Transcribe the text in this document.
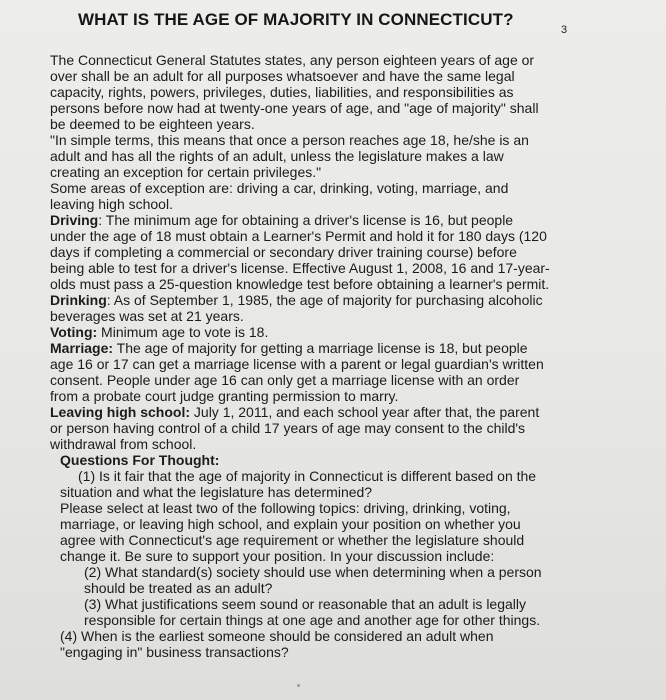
WHAT IS THE AGE OF MAJORITY IN CONNECTICUT?
3

The Connecticut General Statutes states, any person eighteen years of age or over shall be an adult for all purposes whatsoever and have the same legal capacity, rights, powers, privileges, duties, liabilities, and responsibilities as persons before now had at twenty-one years of age, and "age of majority" shall be deemed to be eighteen years.

"In simple terms, this means that once a person reaches age 18, he/she is an adult and has all the rights of an adult, unless the legislature makes a law creating an exception for certain privileges."

Some areas of exception are: driving a car, drinking, voting, marriage, and leaving high school.

Driving: The minimum age for obtaining a driver's license is 16, but people under the age of 18 must obtain a Learner's Permit and hold it for 180 days (120 days if completing a commercial or secondary driver training course) before being able to test for a driver's license. Effective August 1, 2008, 16 and 17-year-olds must pass a 25-question knowledge test before obtaining a learner's permit.

Drinking: As of September 1, 1985, the age of majority for purchasing alcoholic beverages was set at 21 years.

Voting: Minimum age to vote is 18.

Marriage: The age of majority for getting a marriage license is 18, but people age 16 or 17 can get a marriage license with a parent or legal guardian's written consent. People under age 16 can only get a marriage license with an order from a probate court judge granting permission to marry.

Leaving high school: July 1, 2011, and each school year after that, the parent or person having control of a child 17 years of age may consent to the child's withdrawal from school.

Questions For Thought:

(1) Is it fair that the age of majority in Connecticut is different based on the situation and what the legislature has determined?

Please select at least two of the following topics: driving, drinking, voting, marriage, or leaving high school, and explain your position on whether you agree with Connecticut's age requirement or whether the legislature should change it. Be sure to support your position. In your discussion include:

(2) What standard(s) society should use when determining when a person should be treated as an adult?

(3) What justifications seem sound or reasonable that an adult is legally responsible for certain things at one age and another age for other things.

(4) When is the earliest someone should be considered an adult when "engaging in" business transactions?
